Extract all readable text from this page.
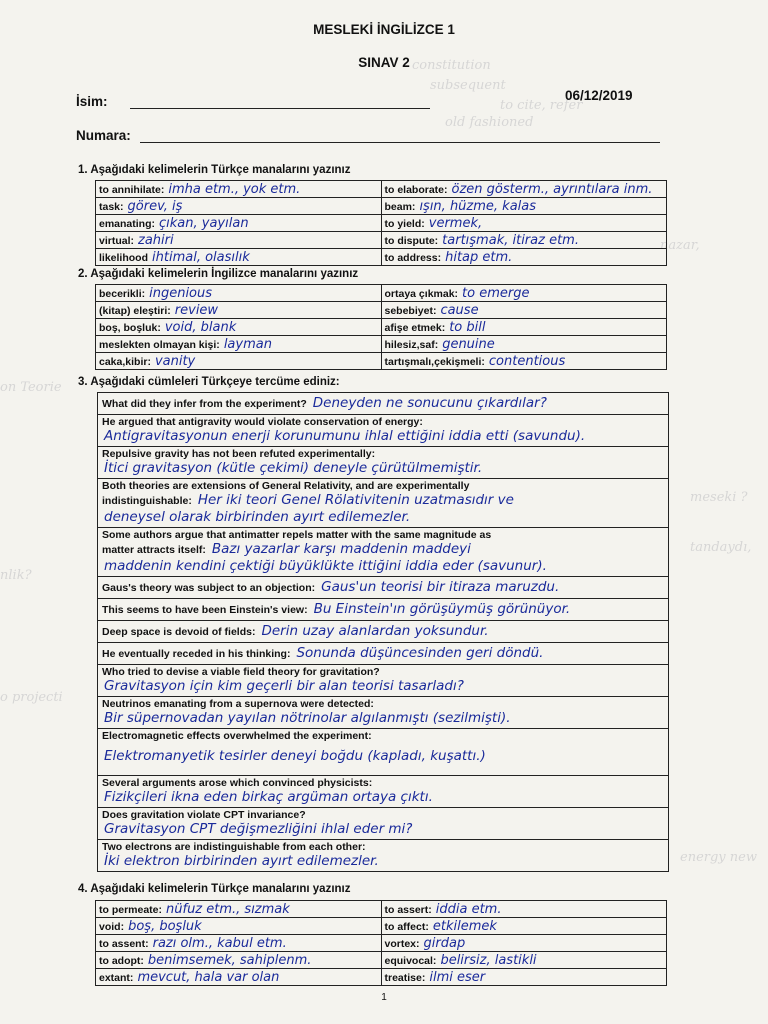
constitution
subsequent
to cite, refer
old fashioned
nazar,
on Teorie
meseki ?
tandaydı,
nlik?
o projecti
energy new
MESLEKİ İNGİLİZCE 1
SINAV 2
İsim:	06/12/2019
Numara:
1. Aşağıdaki kelimelerin Türkçe manalarını yazınız
to annihilate: imha etm., yok etm.	to elaborate: özen gösterm., ayrıntılara inm.
task: görev, iş	beam: ışın, hüzme, kalas
emanating: çıkan, yayılan	to yield: vermek,
virtual: zahiri	to dispute: tartışmak, itiraz etm.
likelihood ihtimal, olasılık	to address: hitap etm.
2. Aşağıdaki kelimelerin İngilizce manalarını yazınız
becerikli: ingenious	ortaya çıkmak: to emerge
(kitap) eleştiri: review	sebebiyet: cause
boş, boşluk: void, blank	afişe etmek: to bill
meslekten olmayan kişi: layman	hilesiz,saf: genuine
caka,kibir: vanity	tartışmalı,çekişmeli: contentious
3. Aşağıdaki cümleleri Türkçeye tercüme ediniz:
What did they infer from the experiment? Deneyden ne sonucunu çıkardılar?
He argued that antigravity would violate conservation of energy:
Antigravitasyonun enerji korunumunu ihlal ettiğini iddia etti (savundu).
Repulsive gravity has not been refuted experimentally:
İtici gravitasyon (kütle çekimi) deneyle çürütülmemiştir.
Both theories are extensions of General Relativity, and are experimentally
indistinguishable: Her iki teori Genel Rölativitenin uzatmasıdır ve
deneysel olarak birbirinden ayırt edilemezler.
Some authors argue that antimatter repels matter with the same magnitude as
matter attracts itself: Bazı yazarlar karşı maddenin maddeyi
maddenin kendini çektiği büyüklükte ittiğini iddia eder (savunur).
Gaus's theory was subject to an objection: Gaus'un teorisi bir itiraza maruzdu.
This seems to have been Einstein's view: Bu Einstein'ın görüşüymüş görünüyor.
Deep space is devoid of fields: Derin uzay alanlardan yoksundur.
He eventually receded in his thinking: Sonunda düşüncesinden geri döndü.
Who tried to devise a viable field theory for gravitation?
Gravitasyon için kim geçerli bir alan teorisi tasarladı?
Neutrinos emanating from a supernova were detected:
Bir süpernovadan yayılan nötrinolar algılanmıştı (sezilmişti).
Electromagnetic effects overwhelmed the experiment:
Elektromanyetik tesirler deneyi boğdu (kapladı, kuşattı.)
Several arguments arose which convinced physicists:
Fizikçileri ikna eden birkaç argüman ortaya çıktı.
Does gravitation violate CPT invariance?
Gravitasyon CPT değişmezliğini ihlal eder mi?
Two electrons are indistinguishable from each other:
İki elektron birbirinden ayırt edilemezler.
4. Aşağıdaki kelimelerin Türkçe manalarını yazınız
to permeate: nüfuz etm., sızmak	to assert: iddia etm.
void: boş, boşluk	to affect: etkilemek
to assent: razı olm., kabul etm.	vortex: girdap
to adopt: benimsemek, sahiplenm.	equivocal: belirsiz, lastikli
extant: mevcut, hala var olan	treatise: ilmi eser
1
